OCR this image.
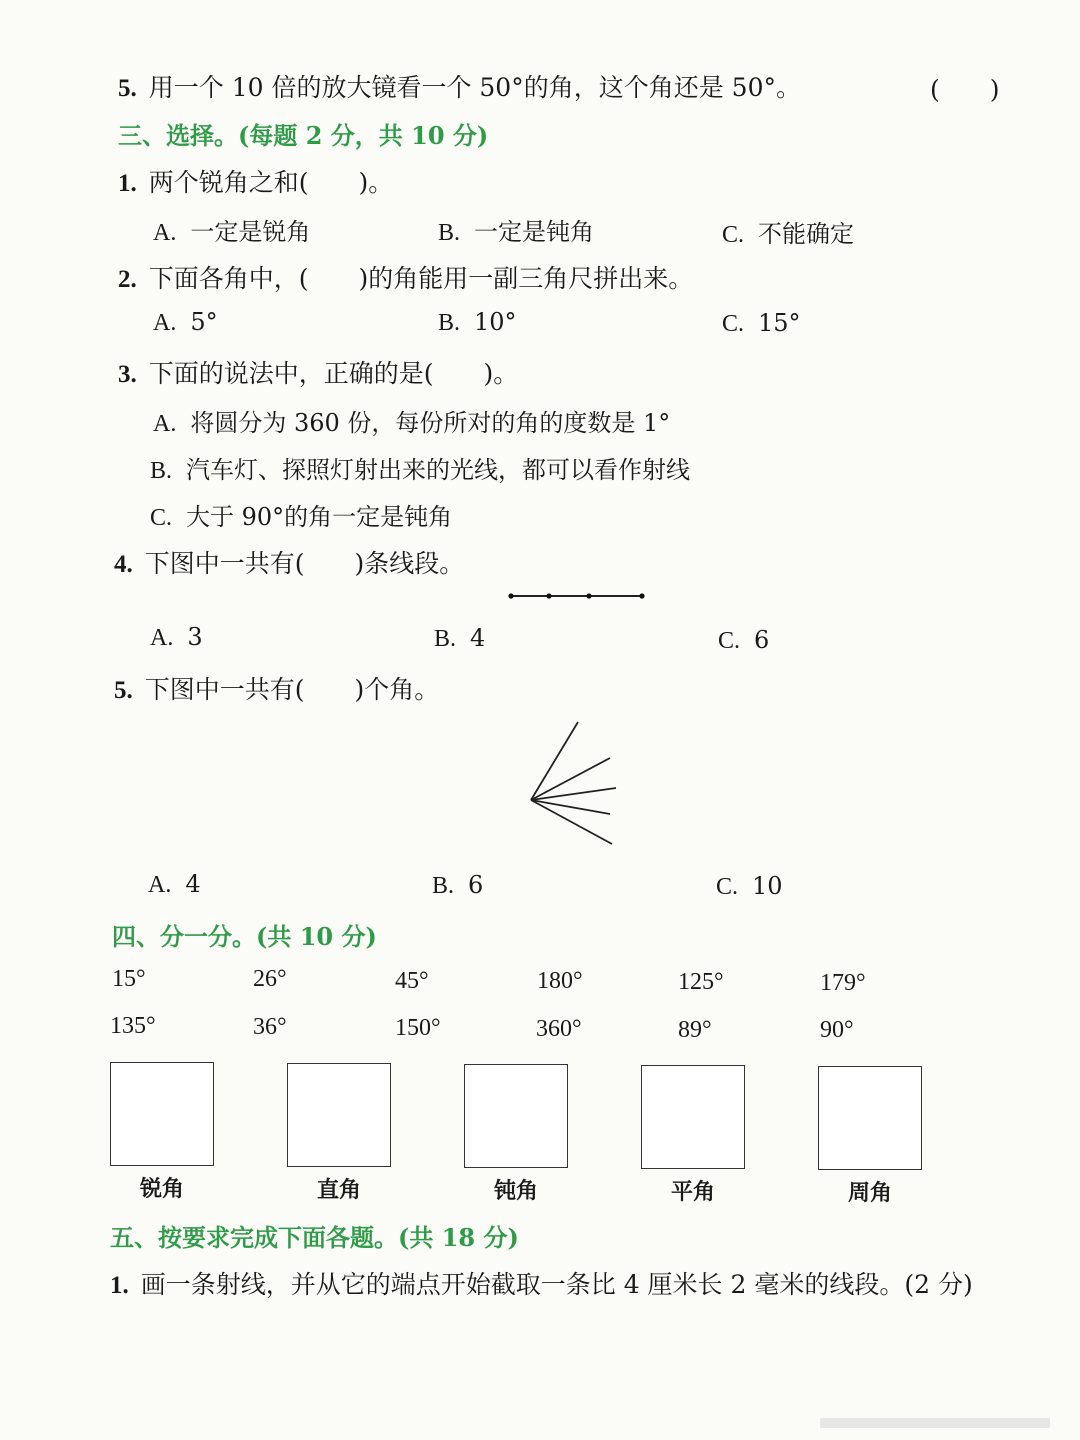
5. 用一个 10 倍的放大镜看一个 50°的角，这个角还是 50°。	(　　)
三、选择。(每题 2 分，共 10 分)
1. 两个锐角之和(　　)。
A. 一定是锐角	B. 一定是钝角	C. 不能确定
2. 下面各角中，(　　)的角能用一副三角尺拼出来。
A. 5°	B. 10°	C. 15°
3. 下面的说法中，正确的是(　　)。
A. 将圆分为 360 份，每份所对的角的度数是 1°
B. 汽车灯、探照灯射出来的光线，都可以看作射线
C. 大于 90°的角一定是钝角
4. 下图中一共有(　　)条线段。
A. 3	B. 4	C. 6
5. 下图中一共有(　　)个角。
A. 4	B. 6	C. 10
四、分一分。(共 10 分)
15°	26°	45°	180°	125°	179°
135°	36°	150°	360°	89°	90°
锐角	直角	钝角	平角	周角
五、按要求完成下面各题。(共 18 分)
1. 画一条射线，并从它的端点开始截取一条比 4 厘米长 2 毫米的线段。(2 分)
